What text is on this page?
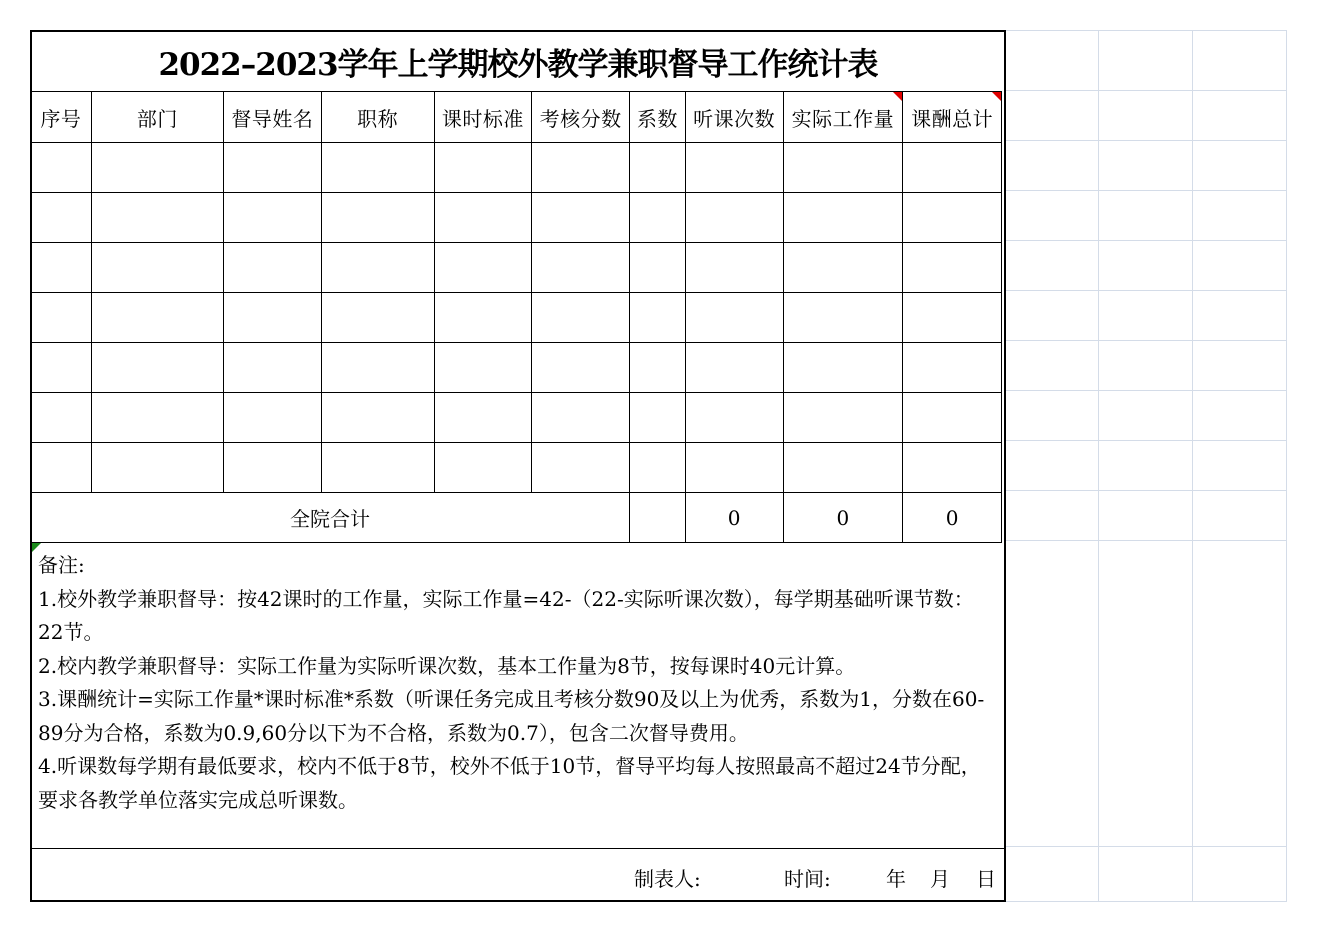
2022–2023学年上学期校外教学兼职督导工作统计表
序号	部门	督导姓名	职称	课时标准	考核分数	系数	听课次数	实际工作量	课酬总计

全院合计							0	0	0

备注:

1.校外教学兼职督导：按42课时的工作量，实际工作量=42-（22-实际听课次数），每学期基础听课节数：22节。

2.校内教学兼职督导：实际工作量为实际听课次数，基本工作量为8节，按每课时40元计算。

3.课酬统计=实际工作量*课时标准*系数（听课任务完成且考核分数90及以上为优秀，系数为1，分数在60-89分为合格，系数为0.9,60分以下为不合格，系数为0.7），包含二次督导费用。

4.听课数每学期有最低要求，校内不低于8节，校外不低于10节，督导平均每人按照最高不超过24节分配，要求各教学单位落实完成总听课数。

制表人:	时间:	年 月 日
